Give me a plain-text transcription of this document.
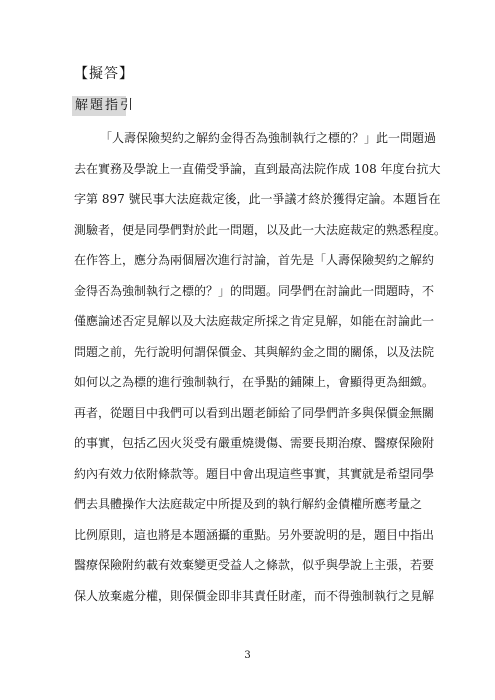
【擬答】
解題指引
「人壽保險契約之解約金得否為強制執行之標的？」此一問題過
去在實務及學說上一直備受爭論，直到最高法院作成 108 年度台抗大
字第 897 號民事大法庭裁定後，此一爭議才終於獲得定論。本題旨在
測驗者，便是同學們對於此一問題，以及此一大法庭裁定的熟悉程度。
在作答上，應分為兩個層次進行討論，首先是「人壽保險契約之解約
金得否為強制執行之標的？」的問題。同學們在討論此一問題時，不
僅應論述否定見解以及大法庭裁定所採之肯定見解，如能在討論此一
問題之前，先行說明何謂保價金、其與解約金之間的關係，以及法院
如何以之為標的進行強制執行，在爭點的鋪陳上，會顯得更為細緻。
再者，從題目中我們可以看到出題老師給了同學們許多與保價金無關
的事實，包括乙因火災受有嚴重燒燙傷、需要長期治療、醫療保險附
約內有效力依附條款等。題目中會出現這些事實，其實就是希望同學
們去具體操作大法庭裁定中所提及到的執行解約金債權所應考量之
比例原則，這也將是本題涵攝的重點。另外要說明的是，題目中指出
醫療保險附約載有效棄變更受益人之條款，似乎與學說上主張，若要
保人放棄處分權，則保價金即非其責任財產，而不得強制執行之見解
3
